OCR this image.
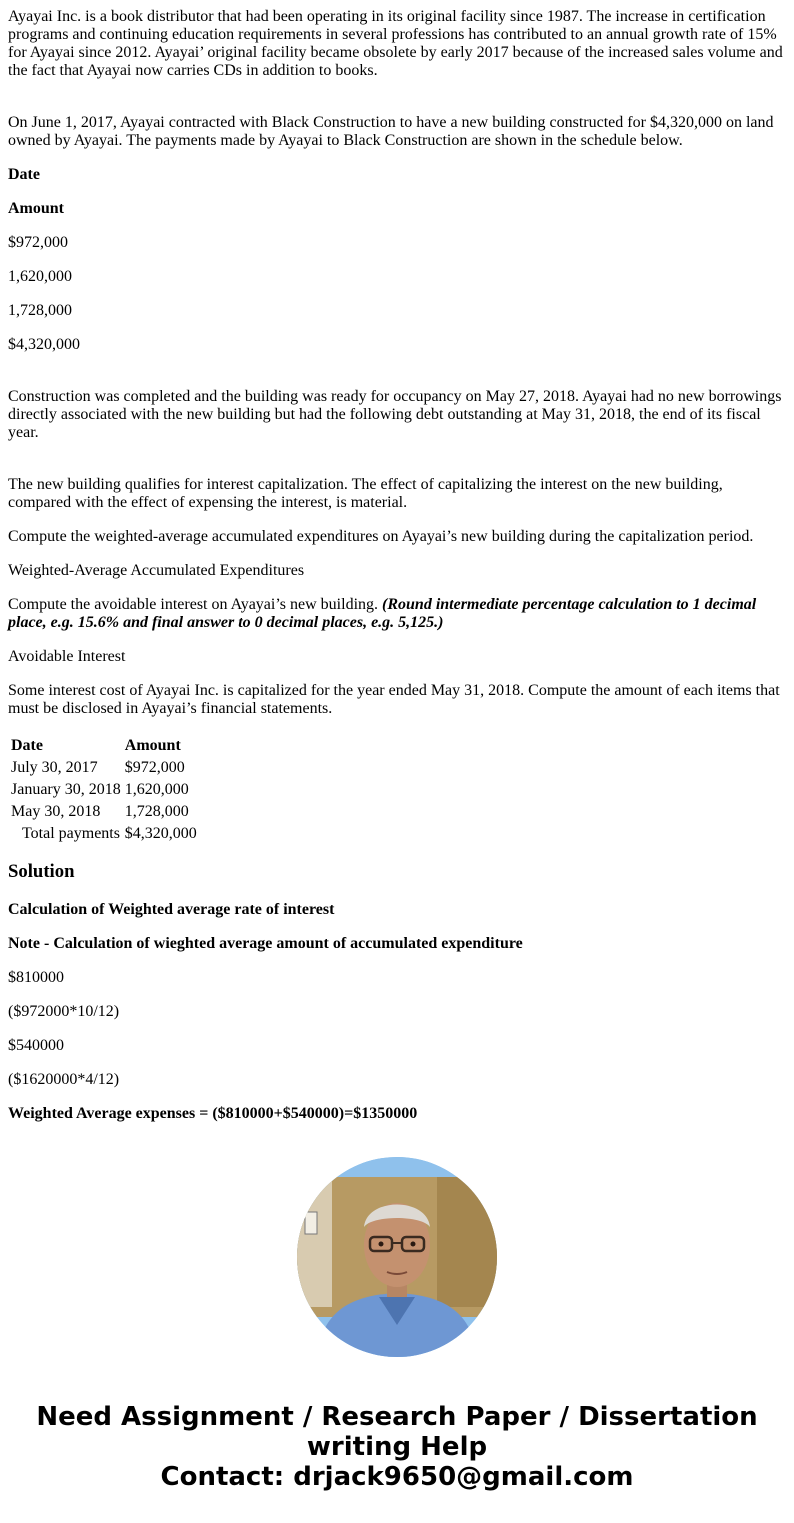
Ayayai Inc. is a book distributor that had been operating in its original facility since 1987. The increase in certification programs and continuing education requirements in several professions has contributed to an annual growth rate of 15% for Ayayai since 2012. Ayayai’ original facility became obsolete by early 2017 because of the increased sales volume and the fact that Ayayai now carries CDs in addition to books.

On June 1, 2017, Ayayai contracted with Black Construction to have a new building constructed for $4,320,000 on land owned by Ayayai. The payments made by Ayayai to Black Construction are shown in the schedule below.

Date

Amount

$972,000

1,620,000

1,728,000

$4,320,000

Construction was completed and the building was ready for occupancy on May 27, 2018. Ayayai had no new borrowings directly associated with the new building but had the following debt outstanding at May 31, 2018, the end of its fiscal year.

The new building qualifies for interest capitalization. The effect of capitalizing the interest on the new building, compared with the effect of expensing the interest, is material.

Compute the weighted-average accumulated expenditures on Ayayai’s new building during the capitalization period.

Weighted-Average Accumulated Expenditures

Compute the avoidable interest on Ayayai’s new building. (Round intermediate percentage calculation to 1 decimal place, e.g. 15.6% and final answer to 0 decimal places, e.g. 5,125.)

Avoidable Interest

Some interest cost of Ayayai Inc. is capitalized for the year ended May 31, 2018. Compute the amount of each items that must be disclosed in Ayayai’s financial statements.

Date	Amount
July 30, 2017	$972,000
January 30, 2018	1,620,000
May 30, 2018	1,728,000
Total payments	$4,320,000
Solution

Calculation of Weighted average rate of interest

Note - Calculation of wieghted average amount of accumulated expenditure

$810000

($972000*10/12)

$540000

($1620000*4/12)

Weighted Average expenses = ($810000+$540000)=$1350000

Need Assignment / Research Paper / Dissertation
writing Help
Contact: drjack9650@gmail.com
